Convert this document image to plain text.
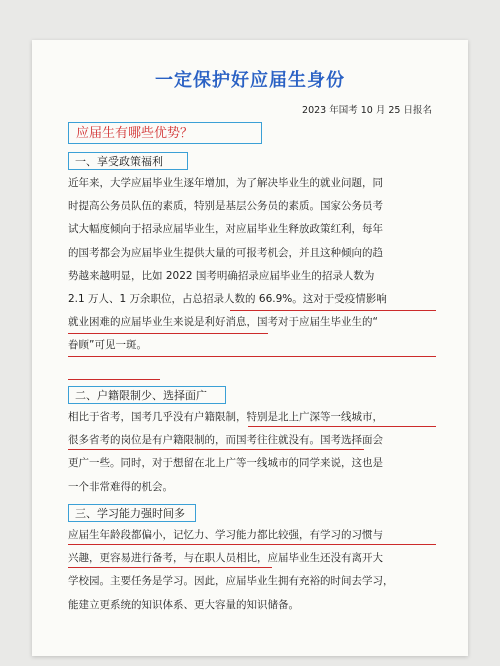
一定保护好应届生身份
2023 年国考 10 月 25 日报名
应届生有哪些优势？
一、享受政策福利
近年来，大学应届毕业生逐年增加，为了解决毕业生的就业问题，同
时提高公务员队伍的素质，特别是基层公务员的素质。国家公务员考
试大幅度倾向于招录应届毕业生，对应届毕业生释放政策红利，每年
的国考都会为应届毕业生提供大量的可报考机会，并且这种倾向的趋
势越来越明显，比如 2022 国考明确招录应届毕业生的招录人数为
2.1 万人、1 万余职位，占总招录人数的 66.9%。这对于受疫情影响
就业困难的应届毕业生来说是利好消息，国考对于应届生毕业生的“
眷顾”可见一斑。
二、户籍限制少、选择面广
相比于省考，国考几乎没有户籍限制，特别是北上广深等一线城市，
很多省考的岗位是有户籍限制的，而国考往往就没有。国考选择面会
更广一些。同时，对于想留在北上广等一线城市的同学来说，这也是
一个非常难得的机会。
三、学习能力强时间多
应届生年龄段都偏小，记忆力、学习能力都比较强，有学习的习惯与
兴趣，更容易进行备考，与在职人员相比，应届毕业生还没有离开大
学校园。主要任务是学习。因此，应届毕业生拥有充裕的时间去学习，
能建立更系统的知识体系、更大容量的知识储备。
